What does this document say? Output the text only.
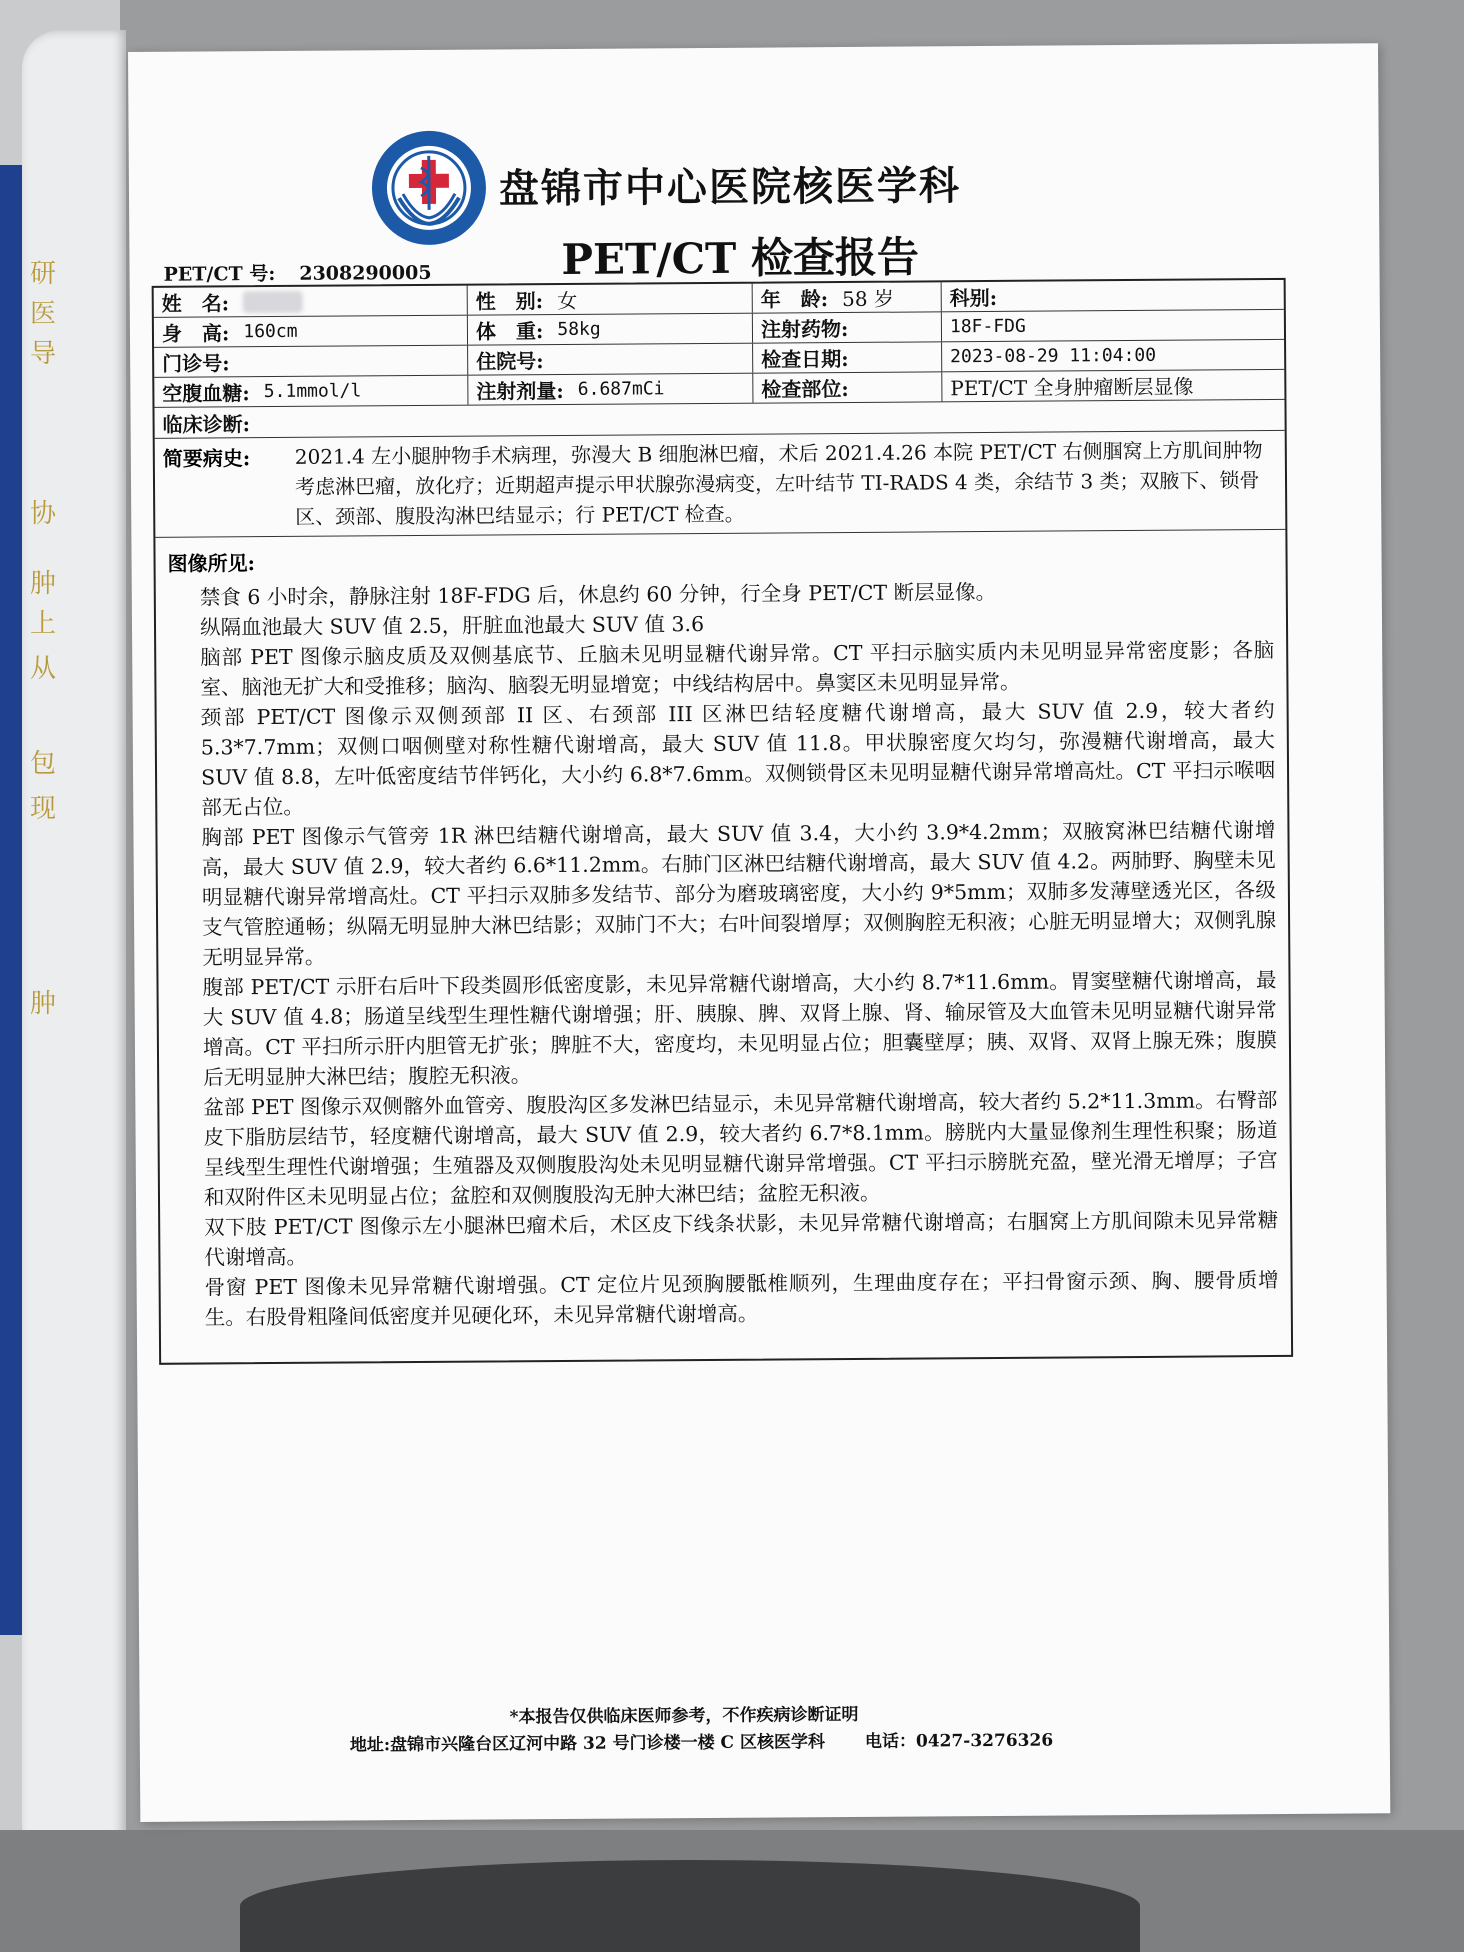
研
医
导
协
肿
上
从
包
现
肿
盘锦市中心医院核医学科
PET/CT 检查报告
PET/CT 号: 2308290005
姓　名:	性　别: 女	年　龄: 58 岁	科别:
身　高: 160cm	体　重: 58kg	注射药物:	18F-FDG
门诊号:	住院号:	检查日期:	2023-08-29 11:04:00
空腹血糖: 5.1mmol/l	注射剂量: 6.687mCi	检查部位:	PET/CT 全身肿瘤断层显像
临床诊断:
简要病史:	2021.4 左小腿肿物手术病理，弥漫大 B 细胞淋巴瘤，术后 2021.4.26 本院 PET/CT 右侧腘窝上方肌间肿物考虑淋巴瘤，放化疗；近期超声提示甲状腺弥漫病变，左叶结节 TI-RADS 4 类，余结节 3 类；双腋下、锁骨区、颈部、腹股沟淋巴结显示；行 PET/CT 检查。
图像所见:

禁食 6 小时余，静脉注射 18F-FDG 后，休息约 60 分钟，行全身 PET/CT 断层显像。

纵隔血池最大 SUV 值 2.5，肝脏血池最大 SUV 值 3.6

脑部 PET 图像示脑皮质及双侧基底节、丘脑未见明显糖代谢异常。CT 平扫示脑实质内未见明显异常密度影；各脑室、脑池无扩大和受推移；脑沟、脑裂无明显增宽；中线结构居中。鼻窦区未见明显异常。

颈部 PET/CT 图像示双侧颈部 II 区、右颈部 III 区淋巴结轻度糖代谢增高，最大 SUV 值 2.9，较大者约 5.3*7.7mm；双侧口咽侧壁对称性糖代谢增高，最大 SUV 值 11.8。甲状腺密度欠均匀，弥漫糖代谢增高，最大 SUV 值 8.8，左叶低密度结节伴钙化，大小约 6.8*7.6mm。双侧锁骨区未见明显糖代谢异常增高灶。CT 平扫示喉咽部无占位。

胸部 PET 图像示气管旁 1R 淋巴结糖代谢增高，最大 SUV 值 3.4，大小约 3.9*4.2mm；双腋窝淋巴结糖代谢增高，最大 SUV 值 2.9，较大者约 6.6*11.2mm。右肺门区淋巴结糖代谢增高，最大 SUV 值 4.2。两肺野、胸壁未见明显糖代谢异常增高灶。CT 平扫示双肺多发结节、部分为磨玻璃密度，大小约 9*5mm；双肺多发薄壁透光区，各级支气管腔通畅；纵隔无明显肿大淋巴结影；双肺门不大；右叶间裂增厚；双侧胸腔无积液；心脏无明显增大；双侧乳腺无明显异常。

腹部 PET/CT 示肝右后叶下段类圆形低密度影，未见异常糖代谢增高，大小约 8.7*11.6mm。胃窦壁糖代谢增高，最大 SUV 值 4.8；肠道呈线型生理性糖代谢增强；肝、胰腺、脾、双肾上腺、肾、输尿管及大血管未见明显糖代谢异常增高。CT 平扫所示肝内胆管无扩张；脾脏不大，密度均，未见明显占位；胆囊壁厚；胰、双肾、双肾上腺无殊；腹膜后无明显肿大淋巴结；腹腔无积液。

盆部 PET 图像示双侧髂外血管旁、腹股沟区多发淋巴结显示，未见异常糖代谢增高，较大者约 5.2*11.3mm。右臀部皮下脂肪层结节，轻度糖代谢增高，最大 SUV 值 2.9，较大者约 6.7*8.1mm。膀胱内大量显像剂生理性积聚；肠道呈线型生理性代谢增强；生殖器及双侧腹股沟处未见明显糖代谢异常增强。CT 平扫示膀胱充盈，壁光滑无增厚；子宫和双附件区未见明显占位；盆腔和双侧腹股沟无肿大淋巴结；盆腔无积液。

双下肢 PET/CT 图像示左小腿淋巴瘤术后，术区皮下线条状影，未见异常糖代谢增高；右腘窝上方肌间隙未见异常糖代谢增高。

骨窗 PET 图像未见异常糖代谢增强。CT 定位片见颈胸腰骶椎顺列，生理曲度存在；平扫骨窗示颈、胸、腰骨质增生。右股骨粗隆间低密度并见硬化环，未见异常糖代谢增高。

*本报告仅供临床医师参考，不作疾病诊断证明
地址:盘锦市兴隆台区辽河中路 32 号门诊楼一楼 C 区核医学科 电话：0427-3276326
